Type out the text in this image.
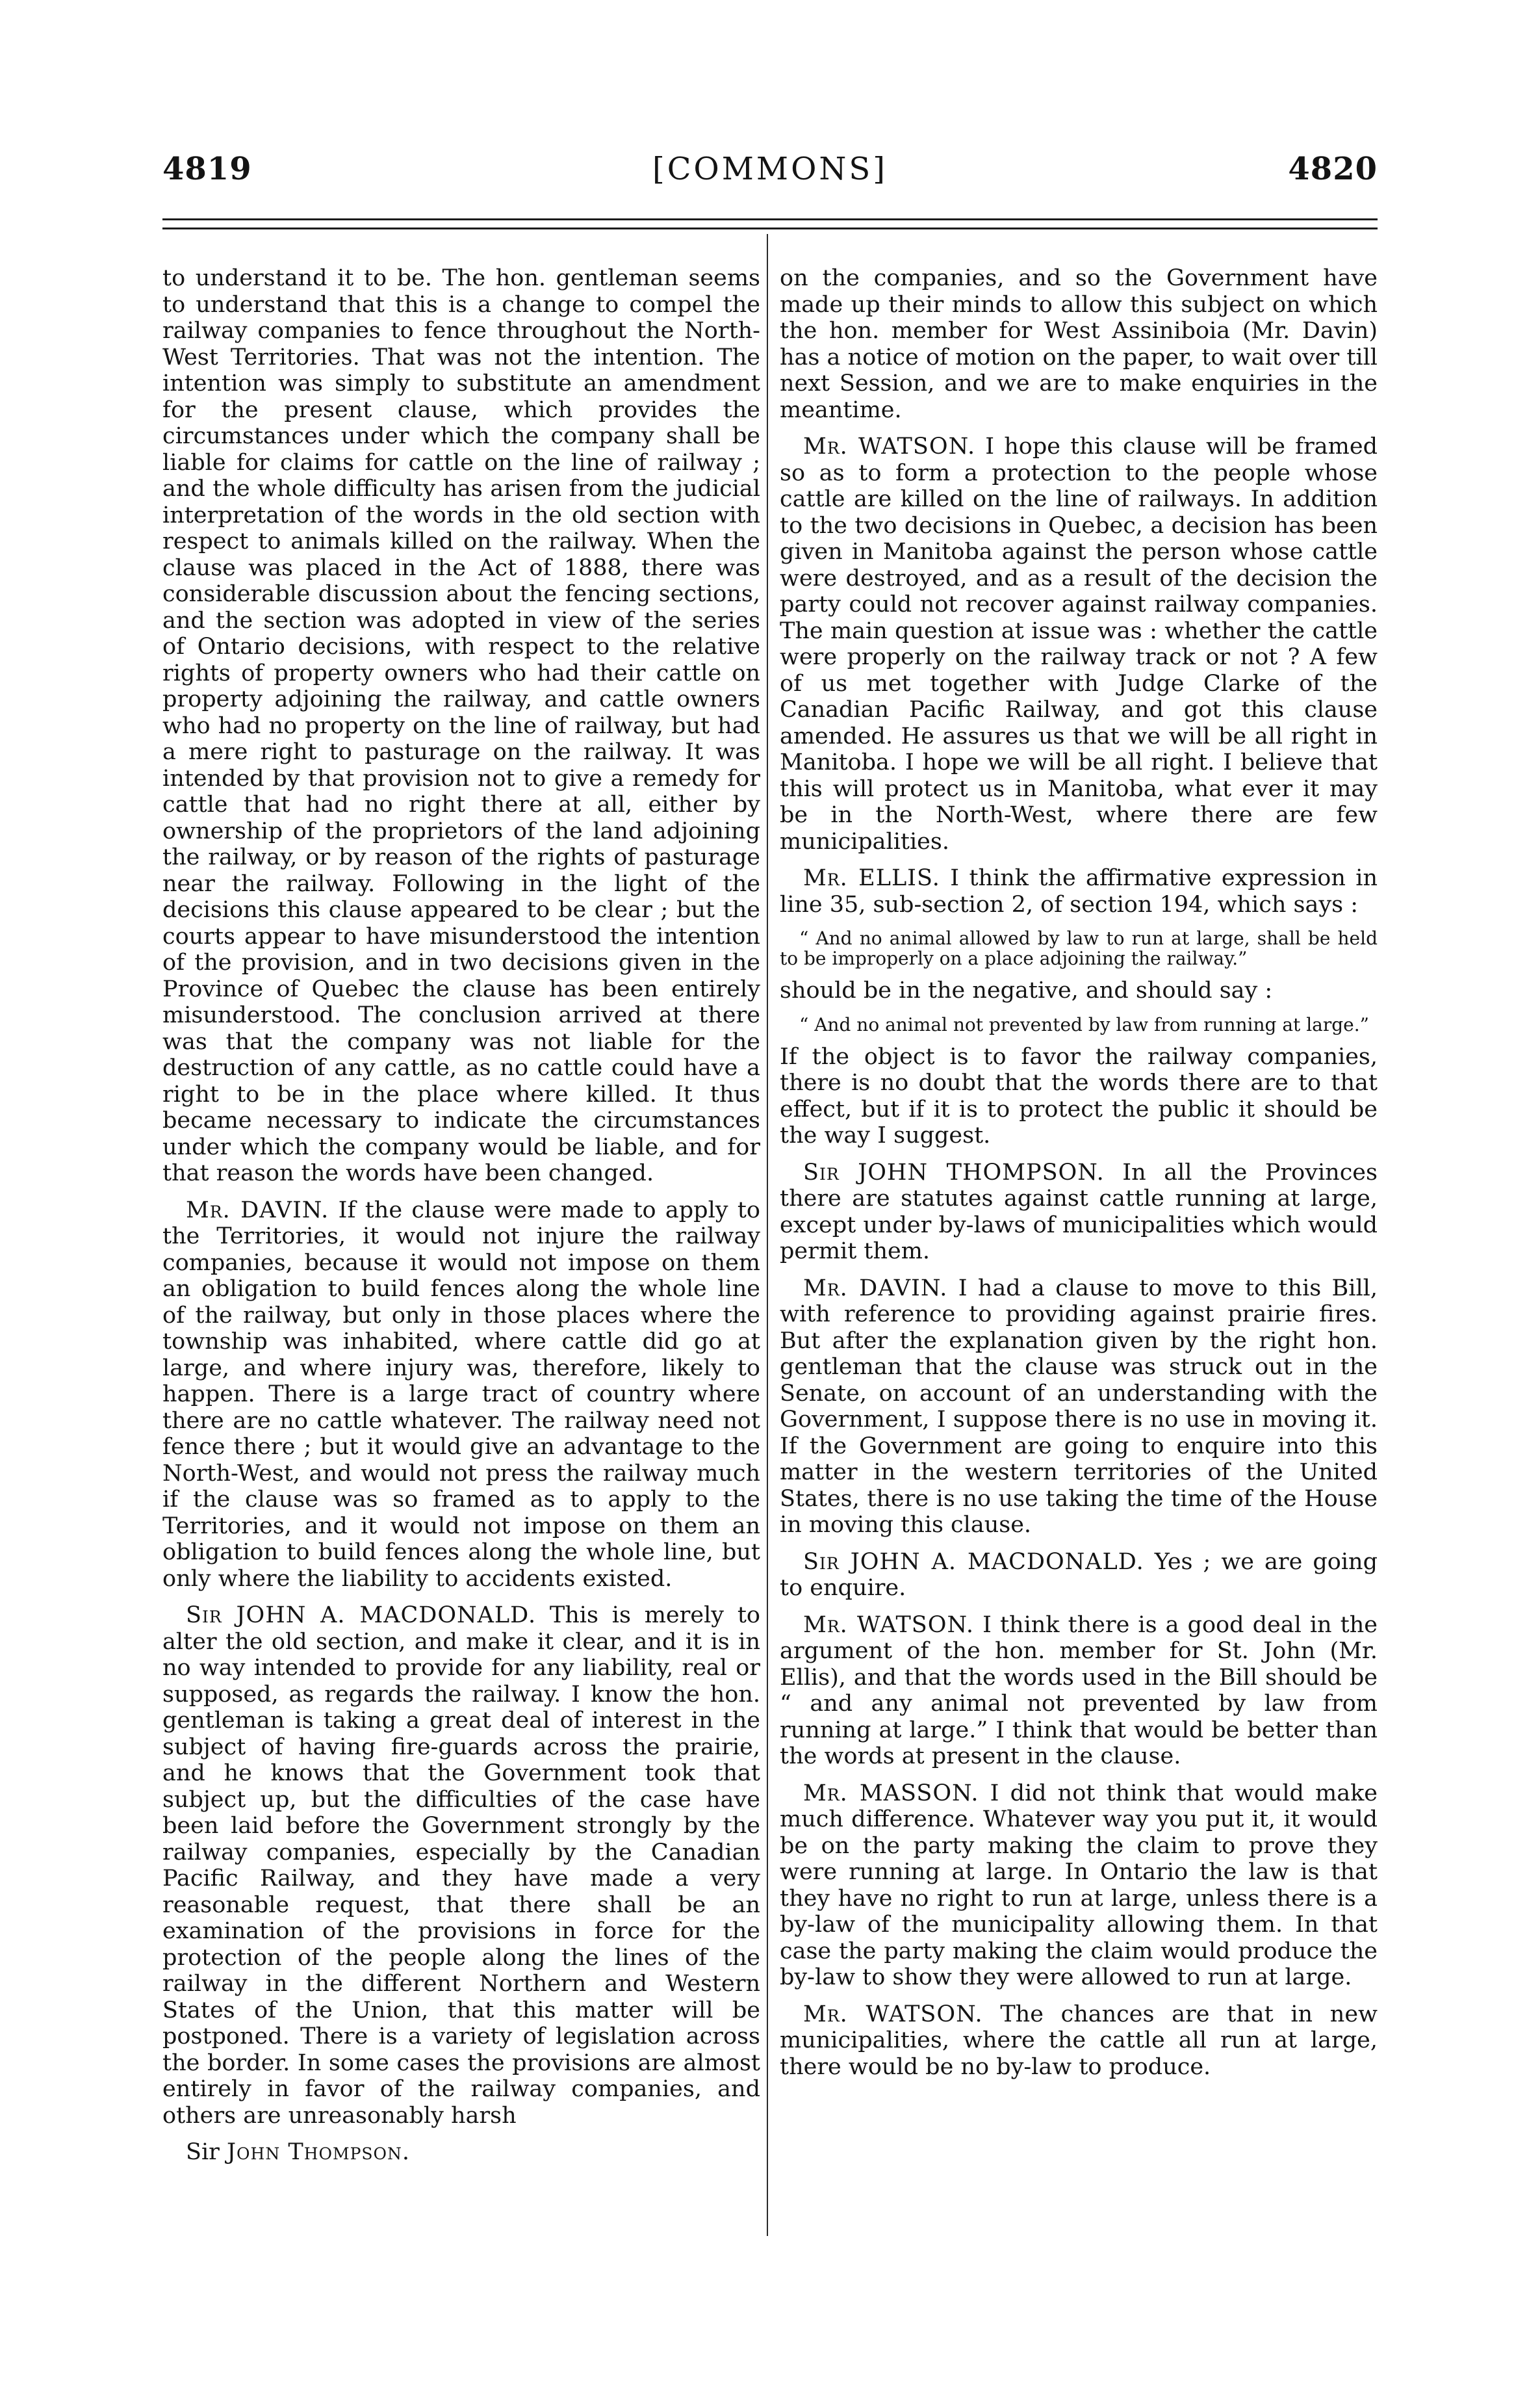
4819	[COMMONS]	4820

to understand it to be. The hon. gentleman seems to understand that this is a change to compel the railway companies to fence throughout the North-West Territories. That was not the intention. The intention was simply to substitute an amendment for the present clause, which provides the circumstances under which the company shall be liable for claims for cattle on the line of railway ; and the whole difficulty has arisen from the judicial interpretation of the words in the old section with respect to animals killed on the railway. When the clause was placed in the Act of 1888, there was considerable discussion about the fencing sections, and the section was adopted in view of the series of Ontario decisions, with respect to the relative rights of property owners who had their cattle on property adjoining the railway, and cattle owners who had no property on the line of railway, but had a mere right to pasturage on the railway. It was intended by that provision not to give a remedy for cattle that had no right there at all, either by ownership of the proprietors of the land adjoining the railway, or by reason of the rights of pasturage near the railway. Following in the light of the decisions this clause appeared to be clear ; but the courts appear to have misunderstood the intention of the provision, and in two decisions given in the Province of Quebec the clause has been entirely misunderstood. The conclusion arrived at there was that the company was not liable for the destruction of any cattle, as no cattle could have a right to be in the place where killed. It thus became necessary to indicate the circumstances under which the company would be liable, and for that reason the words have been changed.

Mr. DAVIN. If the clause were made to apply to the Territories, it would not injure the railway companies, because it would not impose on them an obligation to build fences along the whole line of the railway, but only in those places where the township was inhabited, where cattle did go at large, and where injury was, therefore, likely to happen. There is a large tract of country where there are no cattle whatever. The railway need not fence there ; but it would give an advantage to the North-West, and would not press the railway much if the clause was so framed as to apply to the Territories, and it would not impose on them an obligation to build fences along the whole line, but only where the liability to accidents existed.

Sir JOHN A. MACDONALD. This is merely to alter the old section, and make it clear, and it is in no way intended to provide for any liability, real or supposed, as regards the railway. I know the hon. gentleman is taking a great deal of interest in the subject of having fire-guards across the prairie, and he knows that the Government took that subject up, but the difficulties of the case have been laid before the Government strongly by the railway companies, especially by the Canadian Pacific Railway, and they have made a very reasonable request, that there shall be an examination of the provisions in force for the protection of the people along the lines of the railway in the different Northern and Western States of the Union, that this matter will be postponed. There is a variety of legislation across the border. In some cases the provisions are almost entirely in favor of the railway companies, and others are unreasonably harsh

Sir John Thompson.

on the companies, and so the Government have made up their minds to allow this subject on which the hon. member for West Assiniboia (Mr. Davin) has a notice of motion on the paper, to wait over till next Session, and we are to make enquiries in the meantime.

Mr. WATSON. I hope this clause will be framed so as to form a protection to the people whose cattle are killed on the line of railways. In addition to the two decisions in Quebec, a decision has been given in Manitoba against the person whose cattle were destroyed, and as a result of the decision the party could not recover against railway companies. The main question at issue was : whether the cattle were properly on the railway track or not ? A few of us met together with Judge Clarke of the Canadian Pacific Railway, and got this clause amended. He assures us that we will be all right in Manitoba. I hope we will be all right. I believe that this will protect us in Manitoba, what ever it may be in the North-West, where there are few municipalities.

Mr. ELLIS. I think the affirmative expression in line 35, sub-section 2, of section 194, which says :

“ And no animal allowed by law to run at large, shall be held to be improperly on a place adjoining the railway.”

should be in the negative, and should say :

“ And no animal not prevented by law from running at large.”

If the object is to favor the railway companies, there is no doubt that the words there are to that effect, but if it is to protect the public it should be the way I suggest.

Sir JOHN THOMPSON. In all the Provinces there are statutes against cattle running at large, except under by-laws of municipalities which would permit them.

Mr. DAVIN. I had a clause to move to this Bill, with reference to providing against prairie fires. But after the explanation given by the right hon. gentleman that the clause was struck out in the Senate, on account of an understanding with the Government, I suppose there is no use in moving it. If the Government are going to enquire into this matter in the western territories of the United States, there is no use taking the time of the House in moving this clause.

Sir JOHN A. MACDONALD. Yes ; we are going to enquire.

Mr. WATSON. I think there is a good deal in the argument of the hon. member for St. John (Mr. Ellis), and that the words used in the Bill should be “ and any animal not prevented by law from running at large.” I think that would be better than the words at present in the clause.

Mr. MASSON. I did not think that would make much difference. Whatever way you put it, it would be on the party making the claim to prove they were running at large. In Ontario the law is that they have no right to run at large, unless there is a by-law of the municipality allowing them. In that case the party making the claim would produce the by-law to show they were allowed to run at large.

Mr. WATSON. The chances are that in new municipalities, where the cattle all run at large, there would be no by-law to produce.
